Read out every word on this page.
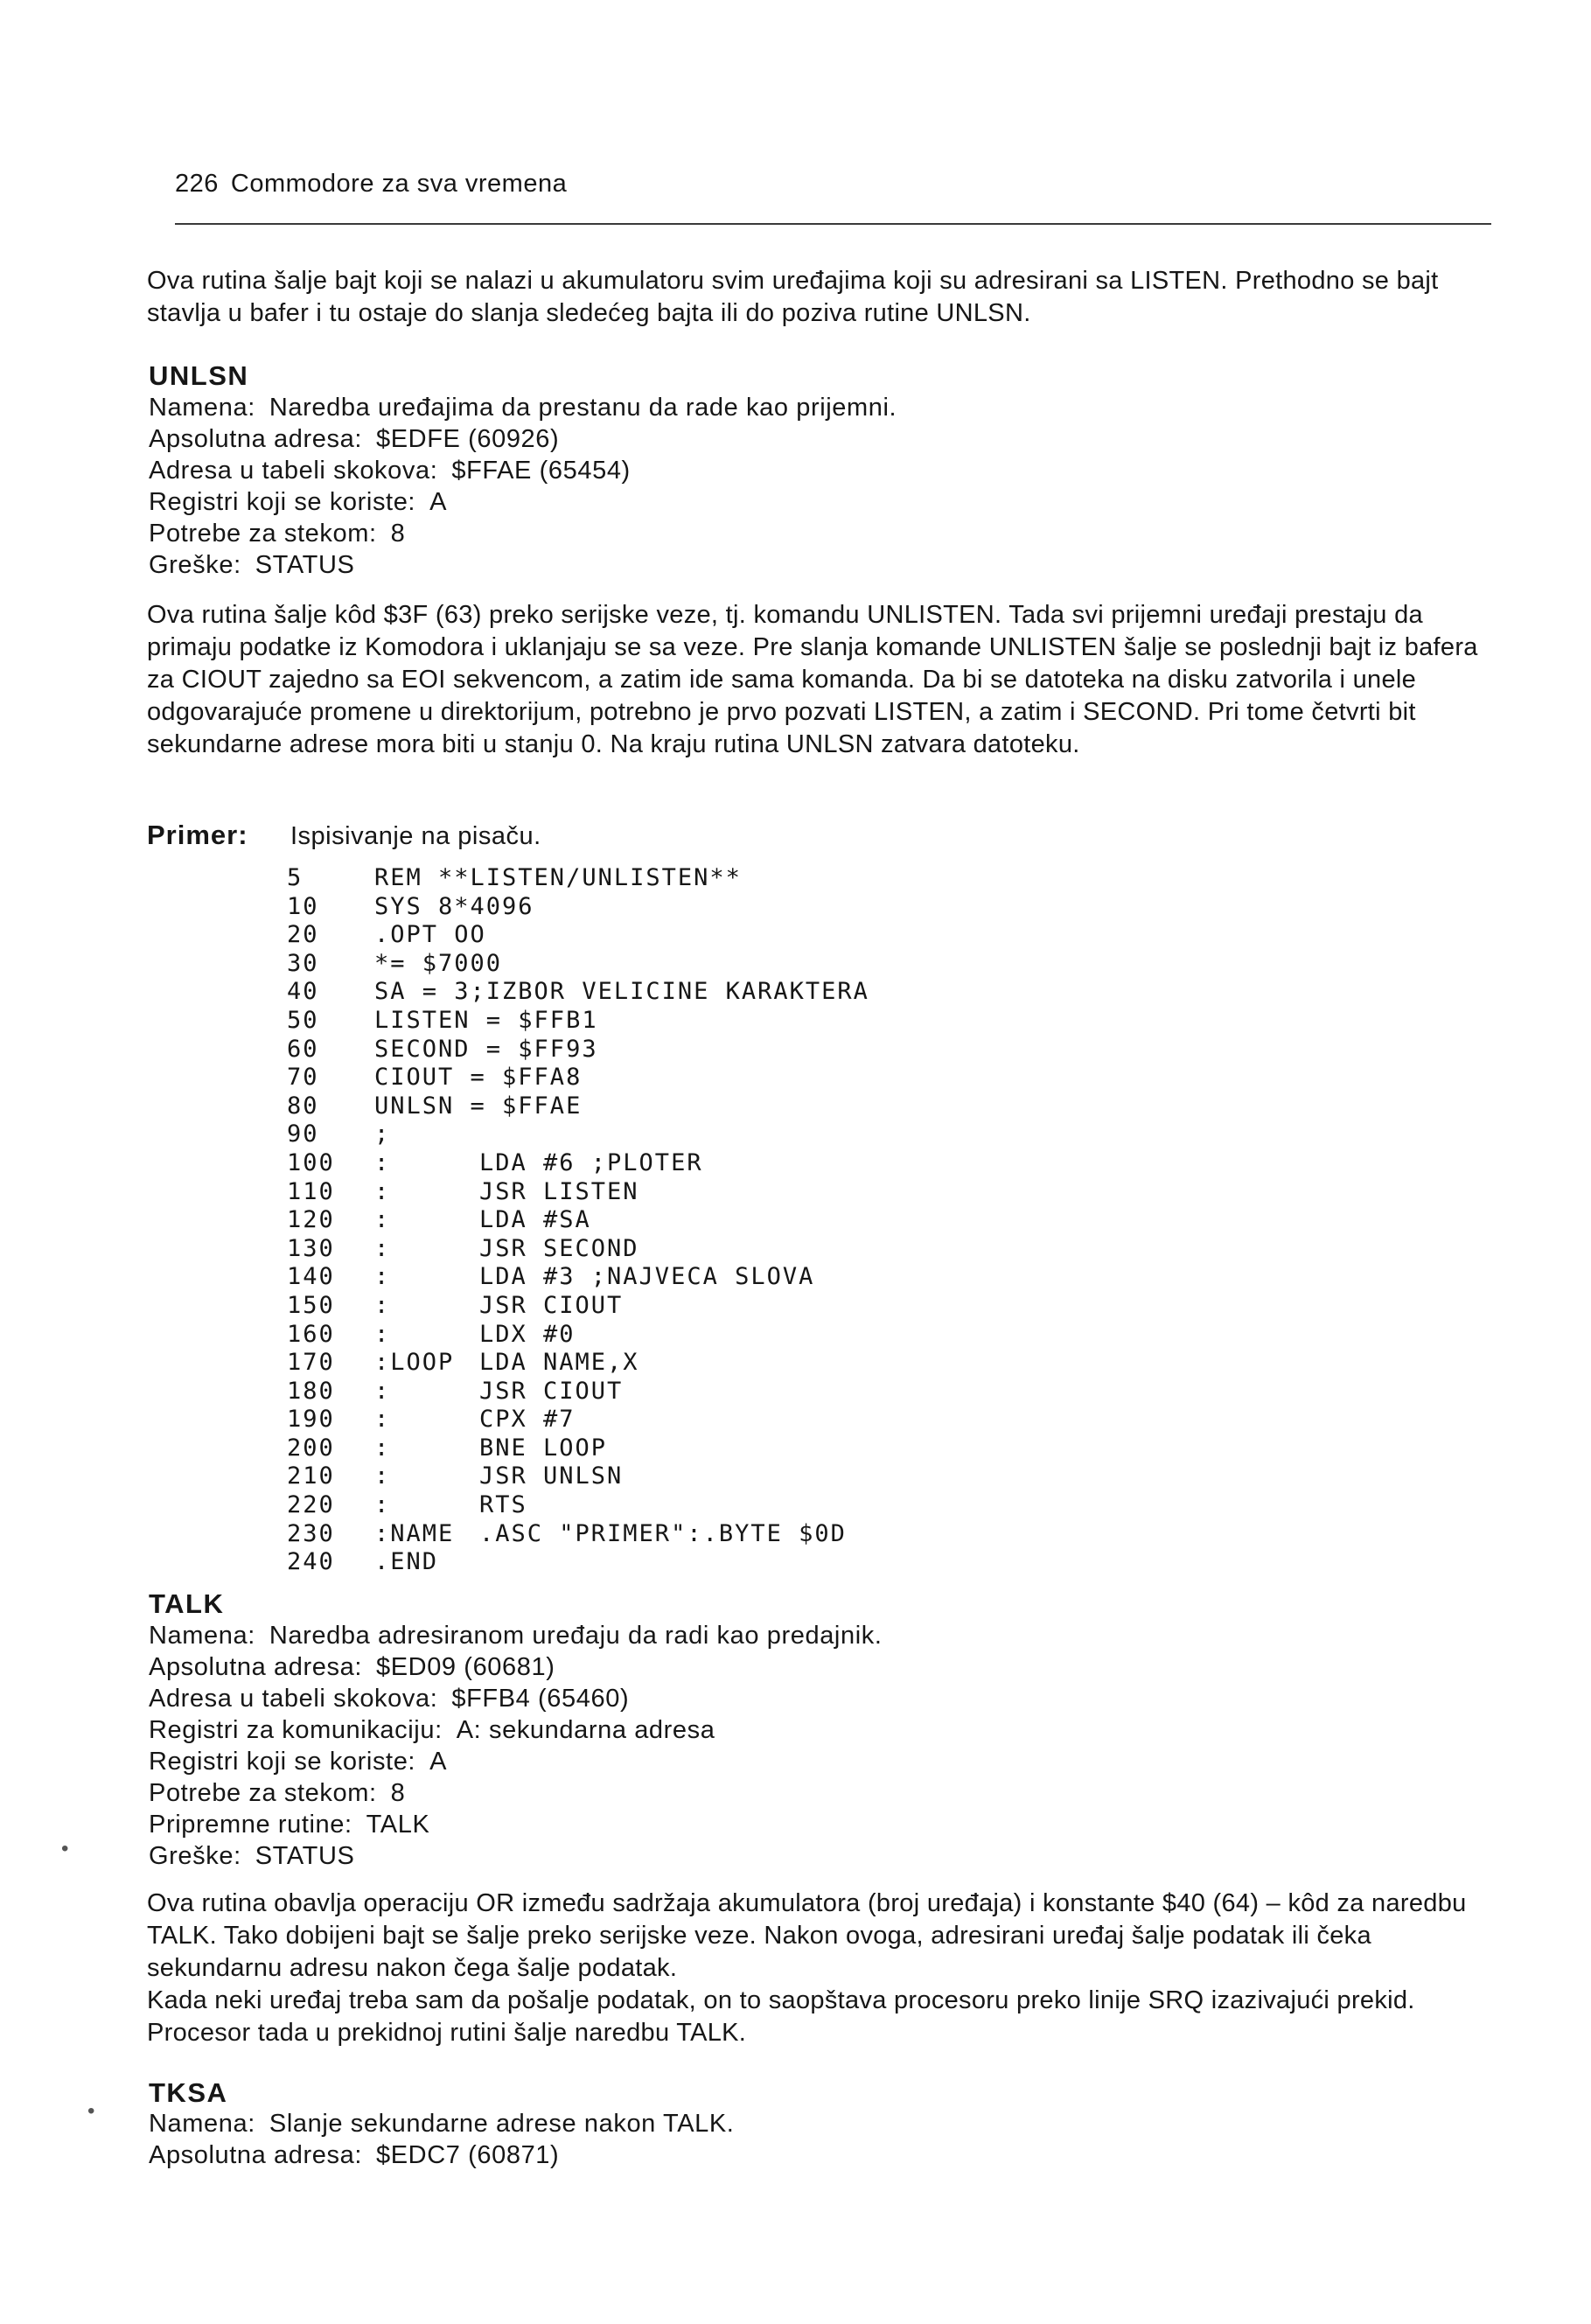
226 Commodore za sva vremena

Ova rutina šalje bajt koji se nalazi u akumulatoru svim uređajima koji su adresirani sa LISTEN. Prethodno se bajt stavlja u bafer i tu ostaje do slanja sledećeg bajta ili do poziva rutine UNLSN.

UNLSN
Namena: Naredba uređajima da prestanu da rade kao prijemni.
Apsolutna adresa: $EDFE (60926)
Adresa u tabeli skokova: $FFAE (65454)
Registri koji se koriste: A
Potrebe za stekom: 8
Greške: STATUS

Ova rutina šalje kôd $3F (63) preko serijske veze, tj. komandu UNLISTEN. Tada svi prijemni uređaji prestaju da primaju podatke iz Komodora i uklanjaju se sa veze. Pre slanja komande UNLISTEN šalje se poslednji bajt iz bafera za CIOUT zajedno sa EOI sekvencom, a zatim ide sama komanda. Da bi se datoteka na disku zatvorila i unele odgovarajuće promene u direktorijum, potrebno je prvo pozvati LISTEN, a zatim i SECOND. Pri tome četvrti bit sekundarne adrese mora biti u stanju 0. Na kraju rutina UNLSN zatvara datoteku.

Primer: Ispisivanje na pisaču.
5	REM **LISTEN/UNLISTEN**
10	SYS 8*4096
20	.OPT OO
30	*= $7000
40	SA = 3;IZBOR VELICINE KARAKTERA
50	LISTEN = $FFB1
60	SECOND = $FF93
70	CIOUT = $FFA8
80	UNLSN = $FFAE
90	;
100	:	LDA #6 ;PLOTER
110	:	JSR LISTEN
120	:	LDA #SA
130	:	JSR SECOND
140	:	LDA #3 ;NAJVECA SLOVA
150	:	JSR CIOUT
160	:	LDX #0
170	:LOOP	LDA NAME,X
180	:	JSR CIOUT
190	:	CPX #7
200	:	BNE LOOP
210	:	JSR UNLSN
220	:	RTS
230	:NAME	.ASC "PRIMER":.BYTE $0D
240	.END
TALK
Namena: Naredba adresiranom uređaju da radi kao predajnik.
Apsolutna adresa: $ED09 (60681)
Adresa u tabeli skokova: $FFB4 (65460)
Registri za komunikaciju: A: sekundarna adresa
Registri koji se koriste: A
Potrebe za stekom: 8
Pripremne rutine: TALK
Greške: STATUS

Ova rutina obavlja operaciju OR između sadržaja akumulatora (broj uređaja) i konstante $40 (64) – kôd za naredbu TALK. Tako dobijeni bajt se šalje preko serijske veze. Nakon ovoga, adresirani uređaj šalje podatak ili čeka sekundarnu adresu nakon čega šalje podatak.

Kada neki uređaj treba sam da pošalje podatak, on to saopštava procesoru preko linije SRQ izazivajući prekid. Procesor tada u prekidnoj rutini šalje naredbu TALK.

TKSA
Namena: Slanje sekundarne adrese nakon TALK.
Apsolutna adresa: $EDC7 (60871)
•
•
